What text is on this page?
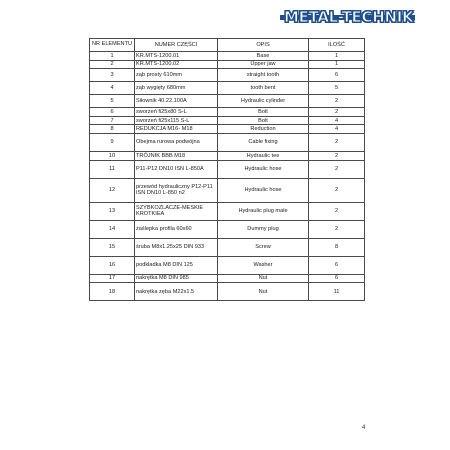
METAL-TECHNIK
NR ELEMENTU	NUMER CZĘŚCI	OPIS	ILOŚĆ
1	KR.MTS-1200.01	Base	1
2	KR.MTS-1200.02	Upper jaw	1
3	ząb prosty 610mm	straight tooth	6
4	ząb wygięty 680mm	tooth bent	5
5	Siłownik 40.22.100A	Hydraulic cylinder	2
6	sworzeń fi25x80 S-L	Bolt	2
7	sworzeń fi25x115 S-L	Bolt	4
8	REDUKCJA M16- M18	Reduction	4
9	Obejma rurowa podwójna	Cable fixing	2
10	TRÓJNIK BBB M18	Hydraulic tee	2
11	P11-P12 DN10 ISN L-850A	Hydraulic hose	2
12	przewód hydrauliczny P12-P11 ISN DN10 L-850 n2	Hydraulic hose	2
13	SZYBKOZLACZE-MESKIE KROTKIEA	Hydraulic plug male	2
14	zaślepka profila 60x60	Dummy plug	2
15	śruba M8x1.25x25 DIN 933	Screw	8
16	podkładka M8 DIN 125	Washer	6
17	nakrętka M8 DIN 985	Nut	6
18	nakrętka zęba M22x1.5	Nut	11
4
